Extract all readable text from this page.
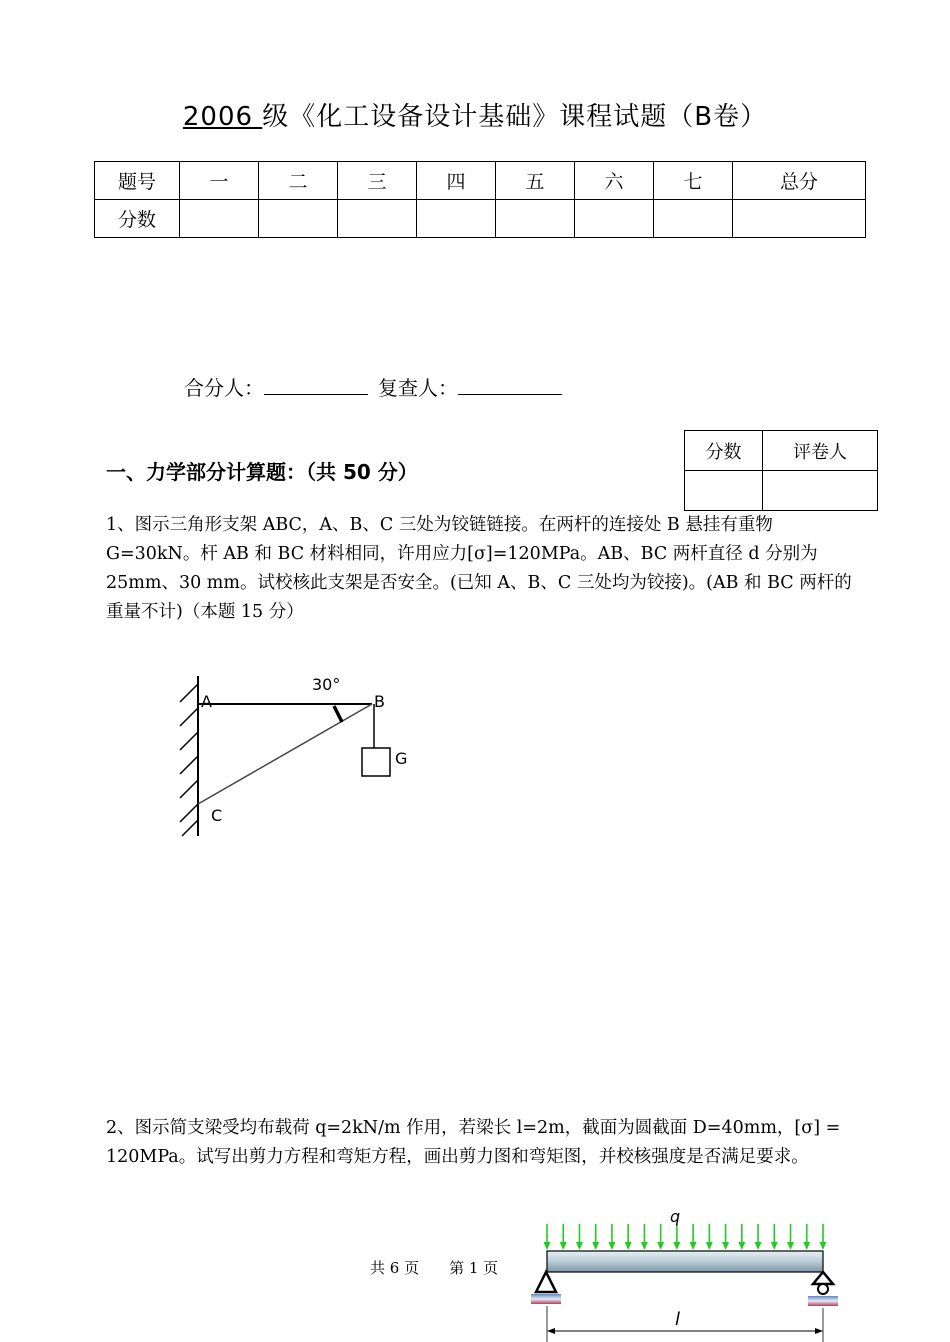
2006 级《化工设备设计基础》课程试题（B卷）
题号	一	二	三	四	五	六	七	总分
分数								
合分人：	复查人：
分数	评卷人

一、力学部分计算题：（共 50 分）
1、图示三角形支架 ABC，A、B、C 三处为铰链链接。在两杆的连接处 B 悬挂有重物 G=30kN。杆 AB 和 BC 材料相同，许用应力[σ]=120MPa。AB、BC 两杆直径 d 分别为 25mm、30 mm。试校核此支架是否安全。(已知 A、B、C 三处均为铰接)。(AB 和 BC 两杆的重量不计)（本题 15 分）
A	B
C
G
30°
2、图示简支梁受均布载荷 q=2kN/m 作用，若梁长 l=2m，截面为圆截面 D=40mm，[σ] = 120MPa。试写出剪力方程和弯矩方程，画出剪力图和弯矩图，并校核强度是否满足要求。
q
l
共 6 页 第 1 页
